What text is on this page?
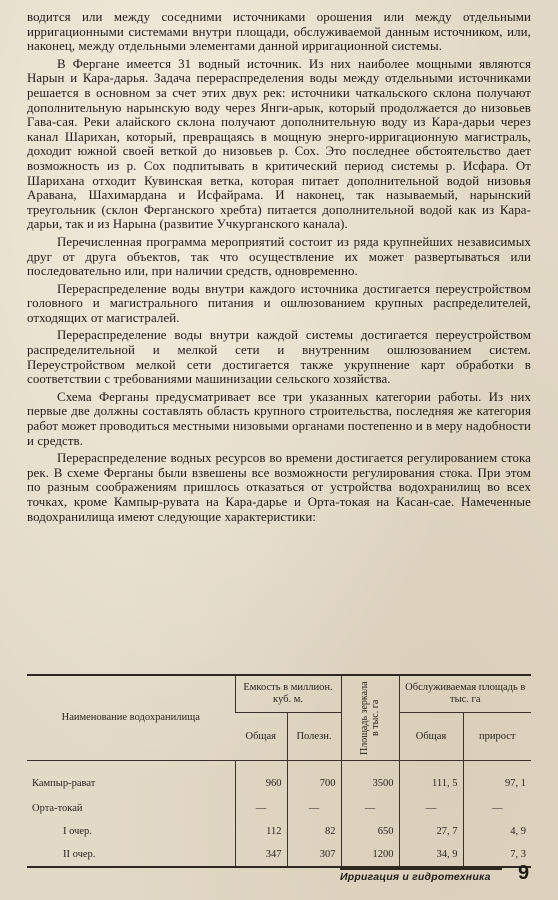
водится или между соседними источниками орошения или между отдельными ирригационными системами внутри площади, обслуживаемой данным источником, или, наконец, между отдельными элементами данной ирригационной системы.

В Фергане имеется 31 водный источник. Из них наиболее мощными являются Нарын и Кара-дарья. Задача перераспределения воды между отдельными источниками решается в основном за счет этих двух рек: источники чаткальского склона получают дополнительную нарынскую воду через Янги-арык, который продолжается до низовьев Гава-сая. Реки алайского склона получают дополнительную воду из Кара-дарьи через канал Шарихан, который, превращаясь в мощную энерго-ирригационную магистраль, доходит южной своей веткой до низовьев р. Сох. Это последнее обстоятельство дает возможность из р. Сох подпитывать в критический период системы р. Исфара. От Шарихана отходит Кувинская ветка, которая питает дополнительной водой низовья Аравана, Шахимардана и Исфайрама. И наконец, так называемый, нарынский треугольник (склон Ферганского хребта) питается дополнительной водой как из Кара-дарьи, так и из Нарына (развитие Учкурганского канала).

Перечисленная программа мероприятий состоит из ряда крупнейших независимых друг от друга объектов, так что осуществление их может развертываться или последовательно или, при наличии средств, одновременно.

Перераспределение воды внутри каждого источника достигается переустройством головного и магистрального питания и ошлюзованием крупных распределителей, отходящих от магистралей.

Перераспределение воды внутри каждой системы достигается переустройством распределительной и мелкой сети и внутренним ошлюзованием систем. Переустройством мелкой сети достигается также укрупнение карт обработки в соответствии с требованиями машинизации сельского хозяйства.

Схема Ферганы предусматривает все три указанных категории работы. Из них первые две должны составлять область крупного строительства, последняя же категория работ может проводиться местными низовыми органами постепенно и в меру надобности и средств.

Перераспределение водных ресурсов во времени достигается регулированием стока рек. В схеме Ферганы были взвешены все возможности регулирования стока. При этом по разным соображениям пришлось отказаться от устройства водохранилищ во всех точках, кроме Кампыр-рувата на Кара-дарье и Орта-токая на Касан-сае. Намеченные водохранилища имеют следующие характеристики:

Наименование водохранилища	Емкость в миллион. куб. м.		Площадь зеркала в тыс. га	Обслуживаемая площадь в тыс. га	
	Общая	Полезн.		Общая	прирост
Кампыр-рават	960	700	3500	111, 5	97, 1
Орта-токай	—	—	—	—	—
I очер.	112	82	650	27, 7	4, 9
II очер.	347	307	1200	34, 9	7, 3
Ирригация и гидротехника 9
